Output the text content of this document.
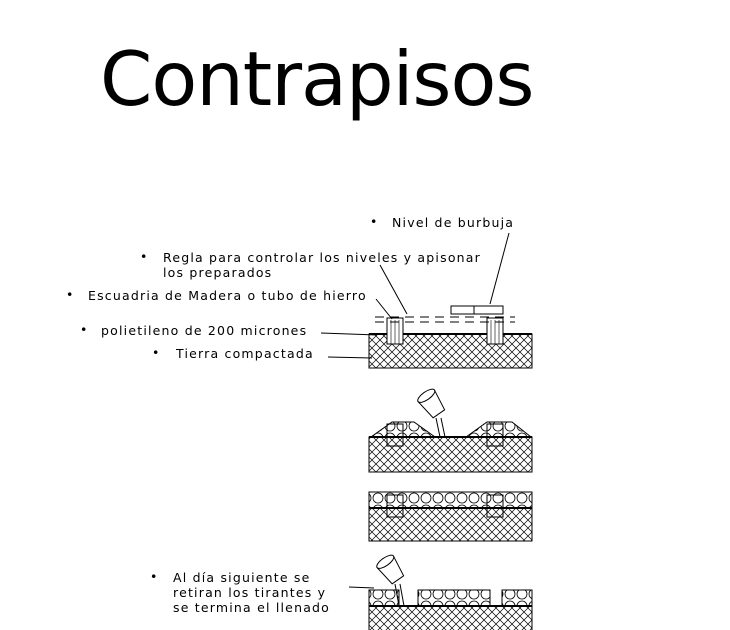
Contrapisos
• Nivel de burbuja
• Regla para controlar los niveles y apisonar
los preparados
• Escuadria de Madera o tubo de hierro
• polietileno de 200 micrones
• Tierra compactada
• Al día siguiente se
retiran los tirantes y
se termina el llenado
